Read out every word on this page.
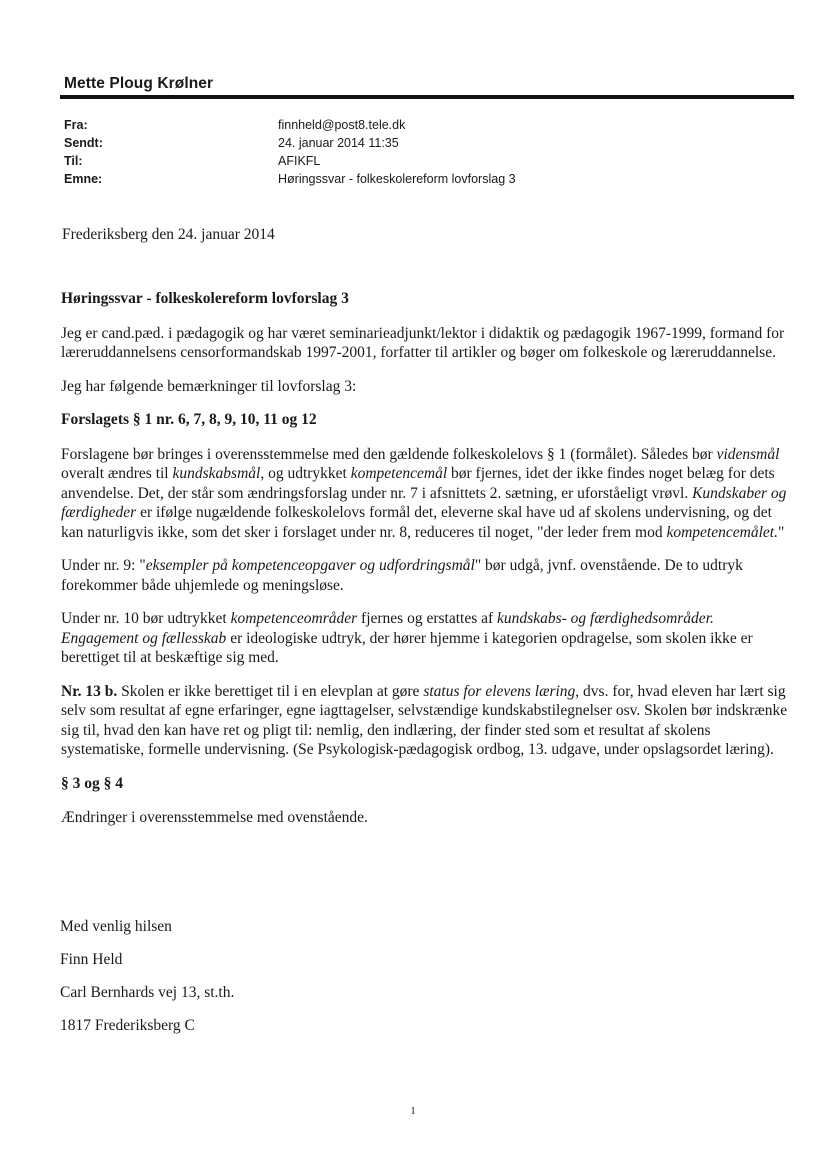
Mette Ploug Krølner
Fra:	finnheld@post8.tele.dk
Sendt:	24. januar 2014 11:35
Til:	AFIKFL
Emne:	Høringssvar - folkeskolereform lovforslag 3
Frederiksberg den 24. januar 2014

Høringssvar - folkeskolereform lovforslag 3

Jeg er cand.pæd. i pædagogik og har været seminarieadjunkt/lektor i didaktik og pædagogik 1967-1999, formand for læreruddannelsens censorformandskab 1997-2001, forfatter til artikler og bøger om folkeskole og læreruddannelse.

Jeg har følgende bemærkninger til lovforslag 3:

Forslagets § 1 nr. 6, 7, 8, 9, 10, 11 og 12

Forslagene bør bringes i overensstemmelse med den gældende folkeskolelovs § 1 (formålet). Således bør vidensmål overalt ændres til kundskabsmål, og udtrykket kompetencemål bør fjernes, idet der ikke findes noget belæg for dets anvendelse. Det, der står som ændringsforslag under nr. 7 i afsnittets 2. sætning, er uforståeligt vrøvl. Kundskaber og færdigheder er ifølge nugældende folkeskolelovs formål det, eleverne skal have ud af skolens undervisning, og det kan naturligvis ikke, som det sker i forslaget under nr. 8, reduceres til noget, "der leder frem mod kompetencemålet."

Under nr. 9: "eksempler på kompetenceopgaver og udfordringsmål" bør udgå, jvnf. ovenstående. De to udtryk forekommer både uhjemlede og meningsløse.

Under nr. 10 bør udtrykket kompetenceområder fjernes og erstattes af kundskabs- og færdighedsområder. Engagement og fællesskab er ideologiske udtryk, der hører hjemme i kategorien opdragelse, som skolen ikke er berettiget til at beskæftige sig med.

Nr. 13 b. Skolen er ikke berettiget til i en elevplan at gøre status for elevens læring, dvs. for, hvad eleven har lært sig selv som resultat af egne erfaringer, egne iagttagelser, selvstændige kundskabstilegnelser osv. Skolen bør indskrænke sig til, hvad den kan have ret og pligt til: nemlig, den indlæring, der finder sted som et resultat af skolens systematiske, formelle undervisning. (Se Psykologisk-pædagogisk ordbog, 13. udgave, under opslagsordet læring).

§ 3 og § 4

Ændringer i overensstemmelse med ovenstående.

Med venlig hilsen

Finn Held

Carl Bernhards vej 13, st.th.

1817 Frederiksberg C

1
